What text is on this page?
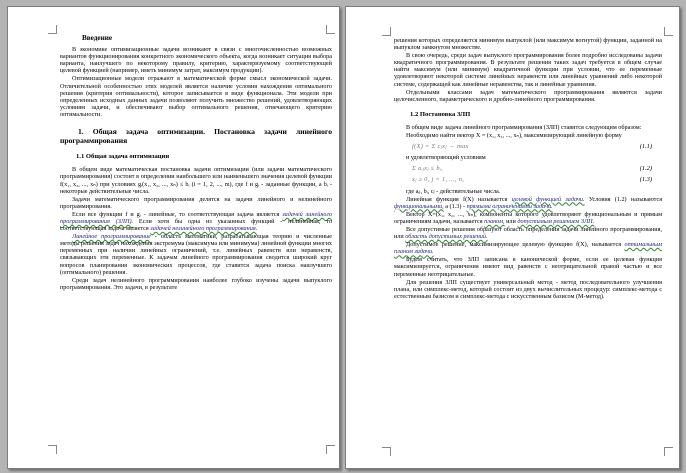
Введение

В экономике оптимизационные задачи возникают в связи с многочисленностью возможных вариантов функционирования конкретного экономического объекта, когда возникает ситуация выбора варианта, наилучшего по некоторому правилу, критерию, характеризуемому соответствующей целевой функцией (например, иметь минимум затрат, максимум продукции).

Оптимизационные модели отражают в математической форме смысл экономической задачи. Отличительной особенностью этих моделей является наличие условия нахождения оптимального решения (критерия оптимальности), которое записывается в виде функционала. Эти модели при определенных исходных данных задачи позволяют получить множество решений, удовлетворяющих условиям задачи, и обеспечивают выбор оптимального решения, отвечающего критерию оптимальности.

1. Общая задача оптимизации. Постановка задачи линейного программирования
1.1 Общая задача оптимизации

В общем виде математическая постановка задачи оптимизации (или задачи математического программирования) состоит в определении наибольшего или наименьшего значения целевой функции f(x₁, x₂, ..., xₙ) при условиях gᵢ(x₁, x₂, ..., xₙ) ≤ bᵢ (i = 1, 2, ..., m), где f и gᵢ - заданные функции, а bᵢ - некоторые действительные числа.

Задачи математического программирования делятся на задачи линейного и нелинейного программирования.

Если все функции f и gᵢ - линейные, то соответствующая задача является задачей линейного программирования (ЗЛП). Если хотя бы одна из указанных функций - нелинейная, то соответствующая задача является задачей нелинейного программирования.

Линейное программирование - область математики, разрабатывающая теорию и численные методы решения задач нахождения экстремума (максимума или минимума) линейной функции многих переменных при наличии линейных ограничений, т.е. линейных равенств или неравенств, связывающих эти переменные. К задачам линейного программирования сводится широкий круг вопросов планирования экономических процессов, где ставится задача поиска наилучшего (оптимального) решения.

Среди задач нелинейного программирования наиболее глубоко изучены задачи выпуклого программирования. Это задачи, в результате

решения которых определяется минимум выпуклой (или максимум вогнутой) функции, заданной на выпуклом замкнутом множестве.

В свою очередь, среди задач выпуклого программирования более подробно исследованы задачи квадратичного программирования. В результате решения таких задач требуется в общем случае найти максимум (или минимум) квадратичной функции при условии, что ее переменные удовлетворяют некоторой системе линейных неравенств или линейных уравнений либо некоторой системе, содержащей как линейные неравенства, так и линейные уравнения.

Отдельными классами задач математического программирования являются задачи целочисленного, параметрического и дробно-линейного программирования.

1.2 Постановка ЗЛП

В общем виде задача линейного программирования (ЗЛП) ставится следующим образом:

Необходимо найти вектор X = (x₁, x₂, ..., xₙ), максимизирующий линейную форму

f(X) = Σ cⱼxⱼ → max	(1.1)

и удовлетворяющий условиям

Σ aᵢⱼxⱼ ≤ bᵢ,	(1.2)
xⱼ ≥ 0, j = 1, ..., n,	(1.3)

где aᵢⱼ, bᵢ, cⱼ - действительные числа.

Линейная функция f(X) называется целевой функцией задачи. Условия (1.2) называются функциональными, а (1.3) - прямыми ограничениями задачи.

Вектор X=(x₁, x₂, ..., xₙ), компоненты которого удовлетворяют функциональным и прямым ограничениям задачи, называется планом, или допустимым решением ЗЛП.

Все допустимые решения образуют область определения задачи линейного программирования, или область допустимых решений.

Допустимое решение, максимизирующее целевую функцию f(X), называется оптимальным планом задачи.

Будем считать, что ЗЛП записана в канонической форме, если ее целевая функция максимизируется, ограничения имеют вид равенств с неотрицательной правой частью и все переменные неотрицательные.

Для решения ЗЛП существует универсальный метод - метод последовательного улучшения плана, или симплекс-метод, который состоит из двух вычислительных процедур: симплекс-метода с естественным базисом и симплекс-метода с искусственным базисом (М-метод).
